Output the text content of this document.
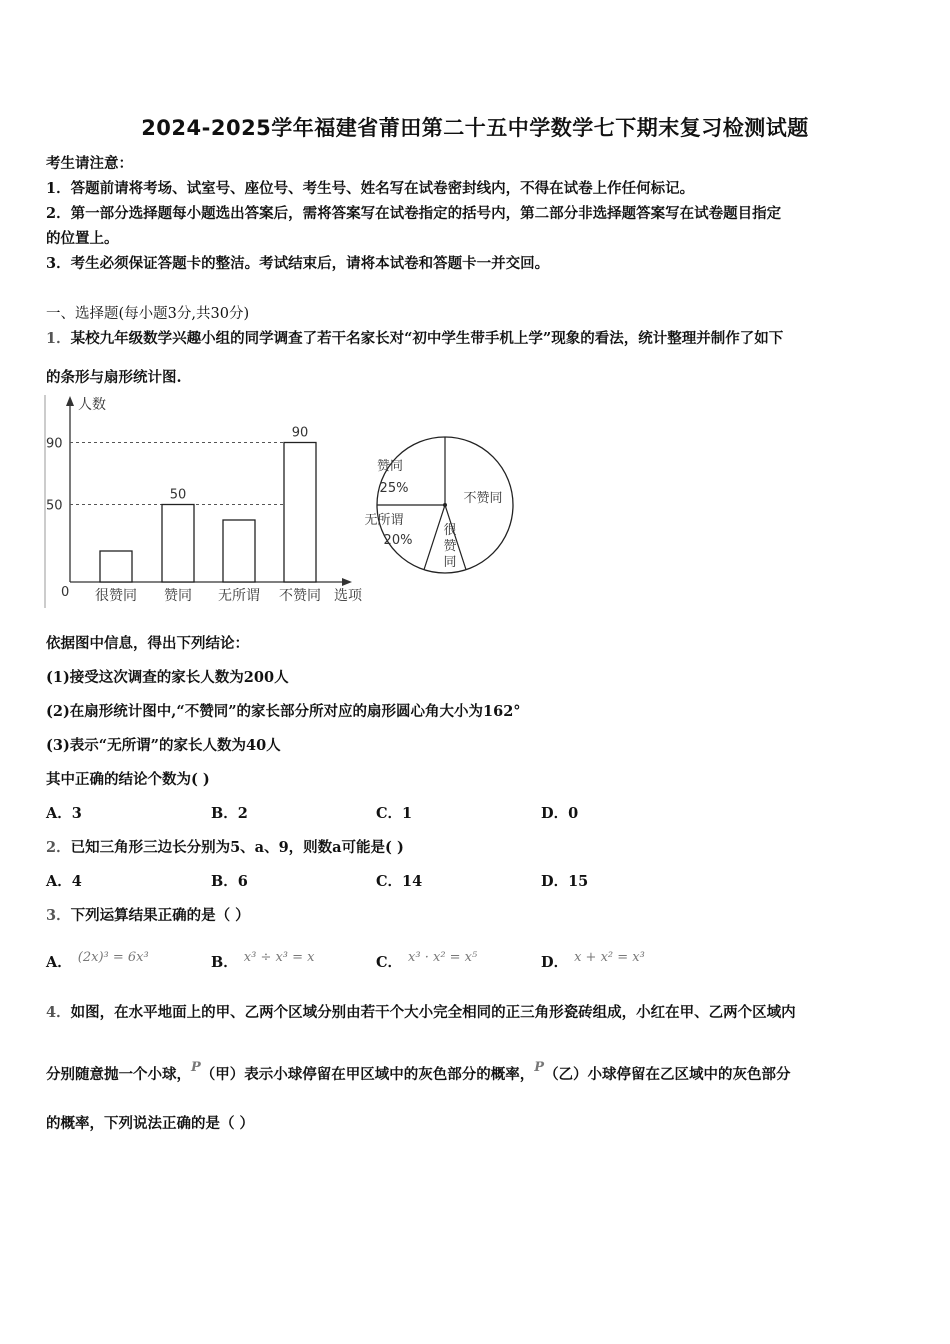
2024-2025学年福建省莆田第二十五中学数学七下期末复习检测试题
考生请注意：
1．答题前请将考场、试室号、座位号、考生号、姓名写在试卷密封线内，不得在试卷上作任何标记。
2．第一部分选择题每小题选出答案后，需将答案写在试卷指定的括号内，第二部分非选择题答案写在试卷题目指定
的位置上。
3．考生必须保证答题卡的整洁。考试结束后，请将本试卷和答题卡一并交回。
一、选择题(每小题3分,共30分)
1．某校九年级数学兴趣小组的同学调查了若干名家长对“初中学生带手机上学”现象的看法，统计整理并制作了如下
的条形与扇形统计图.
人数
选项
0
50
90
很赞同 赞同
50
无所谓 不赞同
90
赞同
25%
不赞同
无所谓
20%
很赞同
依据图中信息，得出下列结论：
(1)接受这次调查的家长人数为200人
(2)在扇形统计图中,“不赞同”的家长部分所对应的扇形圆心角大小为162°
(3)表示“无所谓”的家长人数为40人
其中正确的结论个数为( )
A．3	B．2	C．1	D．0
2．已知三角形三边长分别为5、a、9，则数a可能是( )
A．4	B．6	C．14	D．15
3．下列运算结果正确的是（ ）
A． (2x)³ = 6x³	B． x³ ÷ x³ = x	C． x³ · x² = x⁵	D． x + x² = x³
4．如图，在水平地面上的甲、乙两个区域分别由若干个大小完全相同的正三角形瓷砖组成，小红在甲、乙两个区域内
分别随意抛一个小球，P（甲）表示小球停留在甲区域中的灰色部分的概率，P（乙）小球停留在乙区域中的灰色部分
的概率，下列说法正确的是（ ）
